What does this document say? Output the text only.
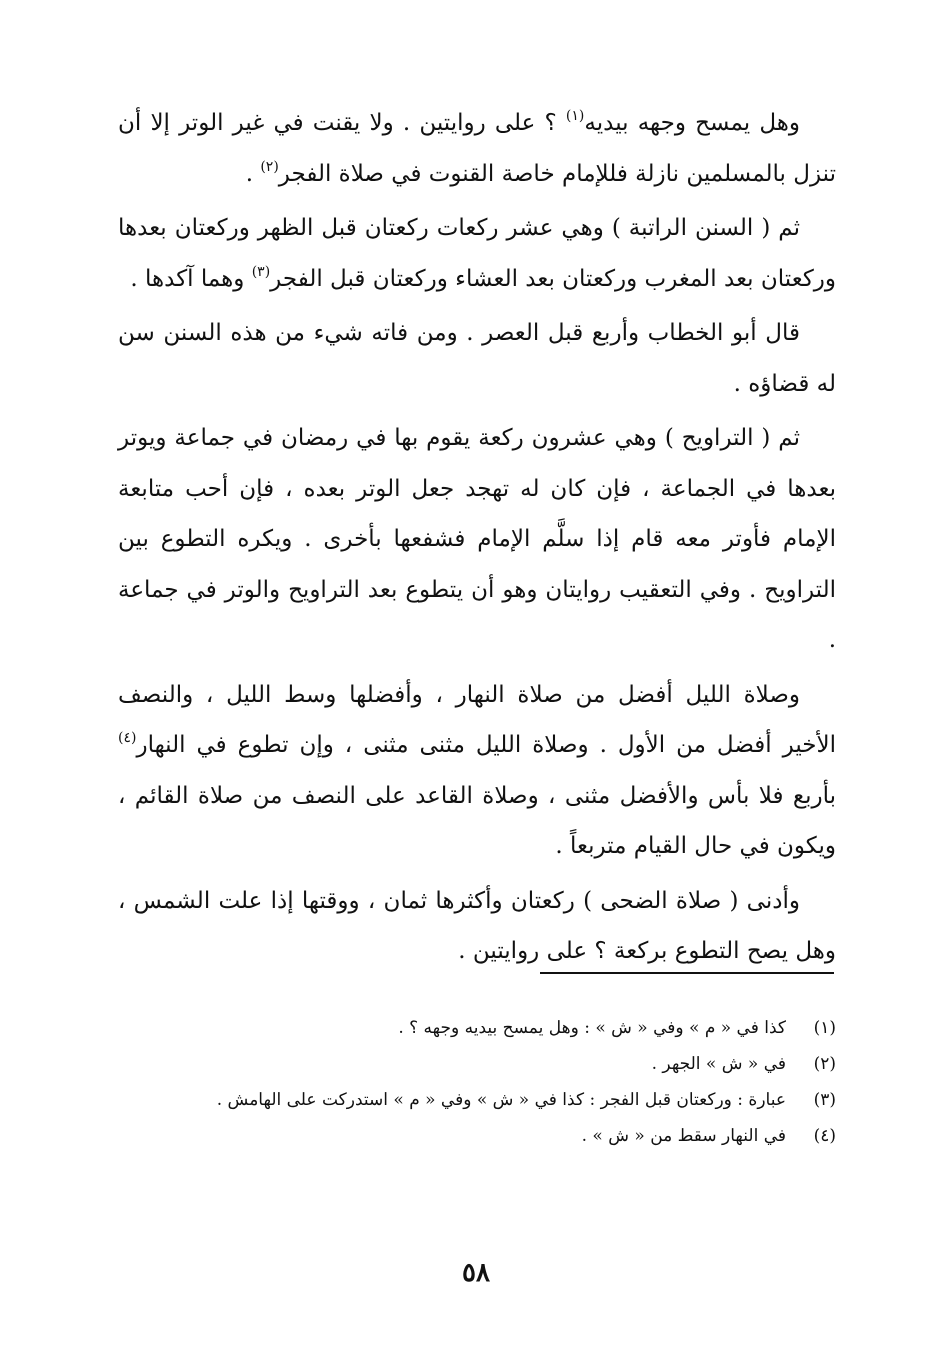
وهل يمسح وجهه بيديه$^{(١)}$ ؟ على روايتين . ولا يقنت في غير الوتر إلا أن تنزل بالمسلمين نازلة فللإمام خاصة القنوت في صلاة الفجر$^{(٢)}$ .

ثم ( السنن الراتبة ) وهي عشر ركعات ركعتان قبل الظهر وركعتان بعدها وركعتان بعد المغرب وركعتان بعد العشاء وركعتان قبل الفجر$^{(٣)}$ وهما آكدها .

قال أبو الخطاب وأربع قبل العصر . ومن فاته شيء من هذه السنن سن له قضاؤه .

ثم ( التراويح ) وهي عشرون ركعة يقوم بها في رمضان في جماعة ويوتر بعدها في الجماعة ، فإن كان له تهجد جعل الوتر بعده ، فإن أحب متابعة الإمام فأوتر معه قام إذا سلَّم الإمام فشفعها بأخرى . ويكره التطوع بين التراويح . وفي التعقيب روايتان وهو أن يتطوع بعد التراويح والوتر في جماعة .

وصلاة الليل أفضل من صلاة النهار ، وأفضلها وسط الليل ، والنصف الأخير أفضل من الأول . وصلاة الليل مثنى مثنى ، وإن تطوع في النهار$^{(٤)}$ بأربع فلا بأس والأفضل مثنى ، وصلاة القاعد على النصف من صلاة القائم ، ويكون في حال القيام متربعاً .

وأدنى ( صلاة الضحى ) ركعتان وأكثرها ثمان ، ووقتها إذا علت الشمس ، وهل يصح التطوع بركعة ؟ على روايتين .

(١)
كذا في « م » وفي « ش » : وهل يمسح بيديه وجهه ؟ .
(٢)
في « ش » الجهر .
(٣)
عبارة : وركعتان قبل الفجر : كذا في « ش » وفي « م » استدركت على الهامش .
(٤)
في النهار سقط من « ش » .
٥٨
